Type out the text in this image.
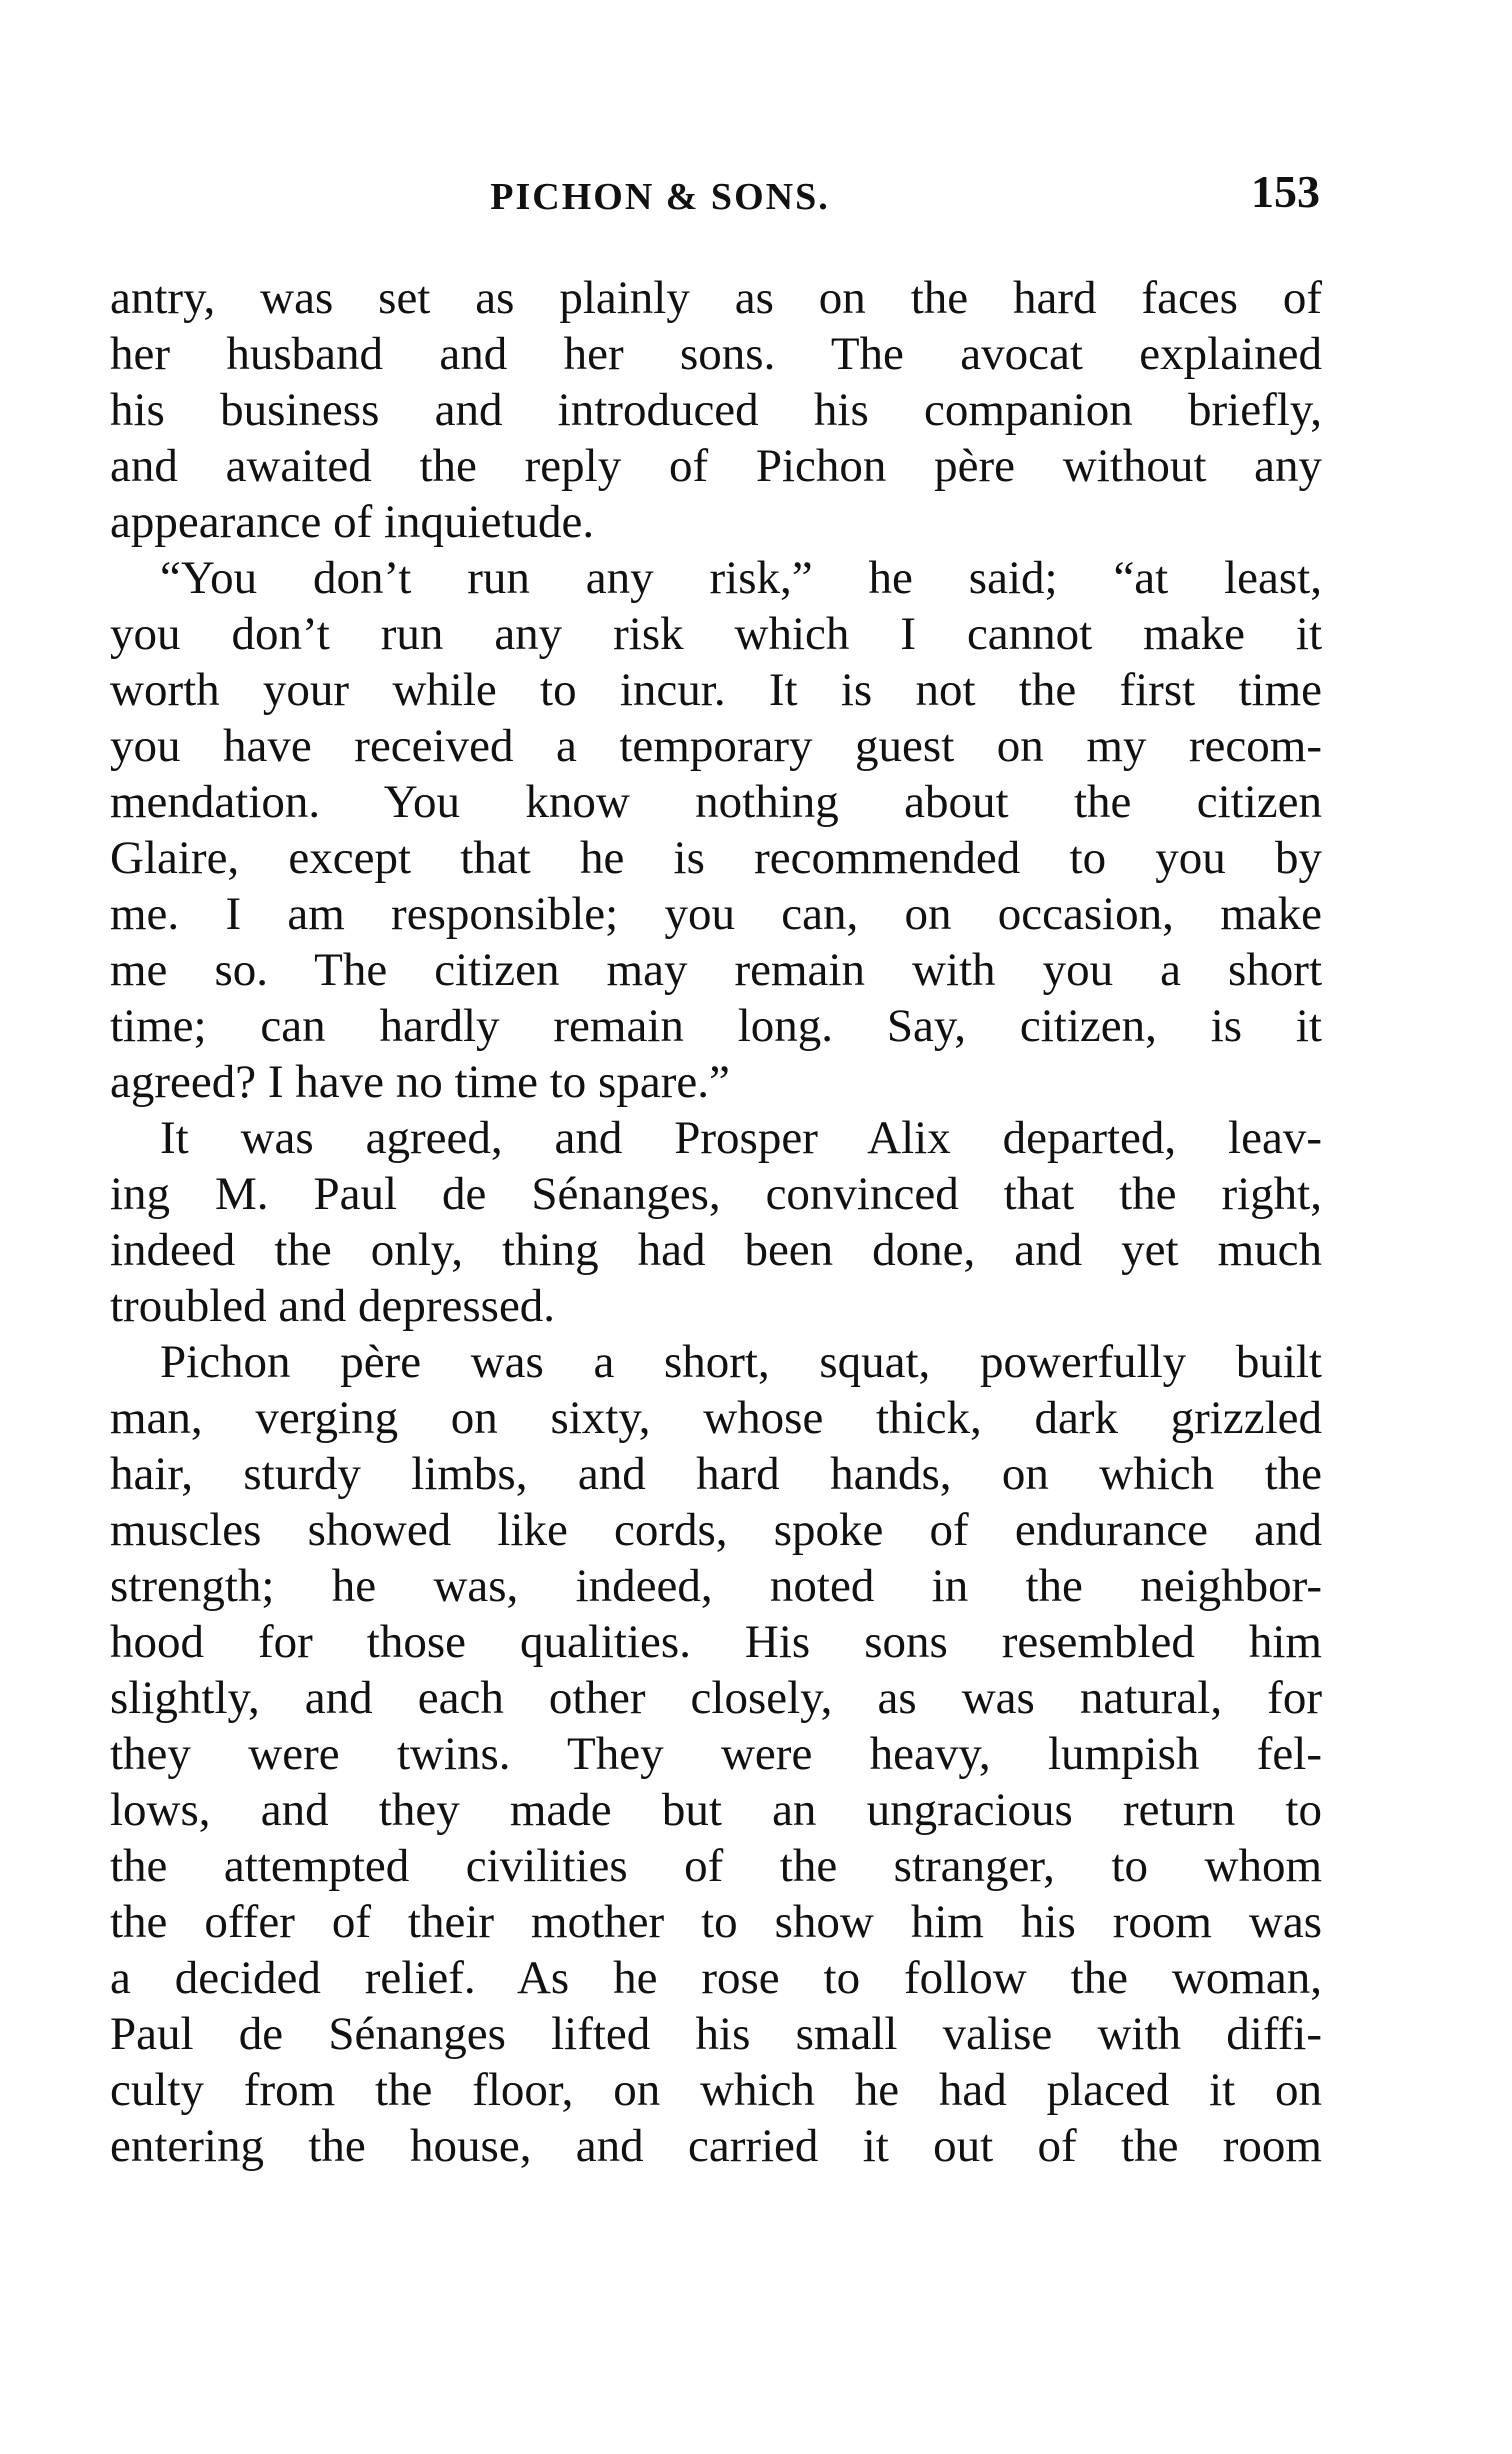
PICHON & SONS.	153
antry, was set as plainly as on the hard faces of
her husband and her sons. The avocat explained
his business and introduced his companion briefly,
and awaited the reply of Pichon père without any
appearance of inquietude.
“You don’t run any risk,” he said; “at least,
you don’t run any risk which I cannot make it
worth your while to incur. It is not the first time
you have received a temporary guest on my recom-
mendation. You know nothing about the citizen
Glaire, except that he is recommended to you by
me. I am responsible; you can, on occasion, make
me so. The citizen may remain with you a short
time; can hardly remain long. Say, citizen, is it
agreed? I have no time to spare.”
It was agreed, and Prosper Alix departed, leav-
ing M. Paul de Sénanges, convinced that the right,
indeed the only, thing had been done, and yet much
troubled and depressed.
Pichon père was a short, squat, powerfully built
man, verging on sixty, whose thick, dark grizzled
hair, sturdy limbs, and hard hands, on which the
muscles showed like cords, spoke of endurance and
strength; he was, indeed, noted in the neighbor-
hood for those qualities. His sons resembled him
slightly, and each other closely, as was natural, for
they were twins. They were heavy, lumpish fel-
lows, and they made but an ungracious return to
the attempted civilities of the stranger, to whom
the offer of their mother to show him his room was
a decided relief. As he rose to follow the woman,
Paul de Sénanges lifted his small valise with diffi-
culty from the floor, on which he had placed it on
entering the house, and carried it out of the room
